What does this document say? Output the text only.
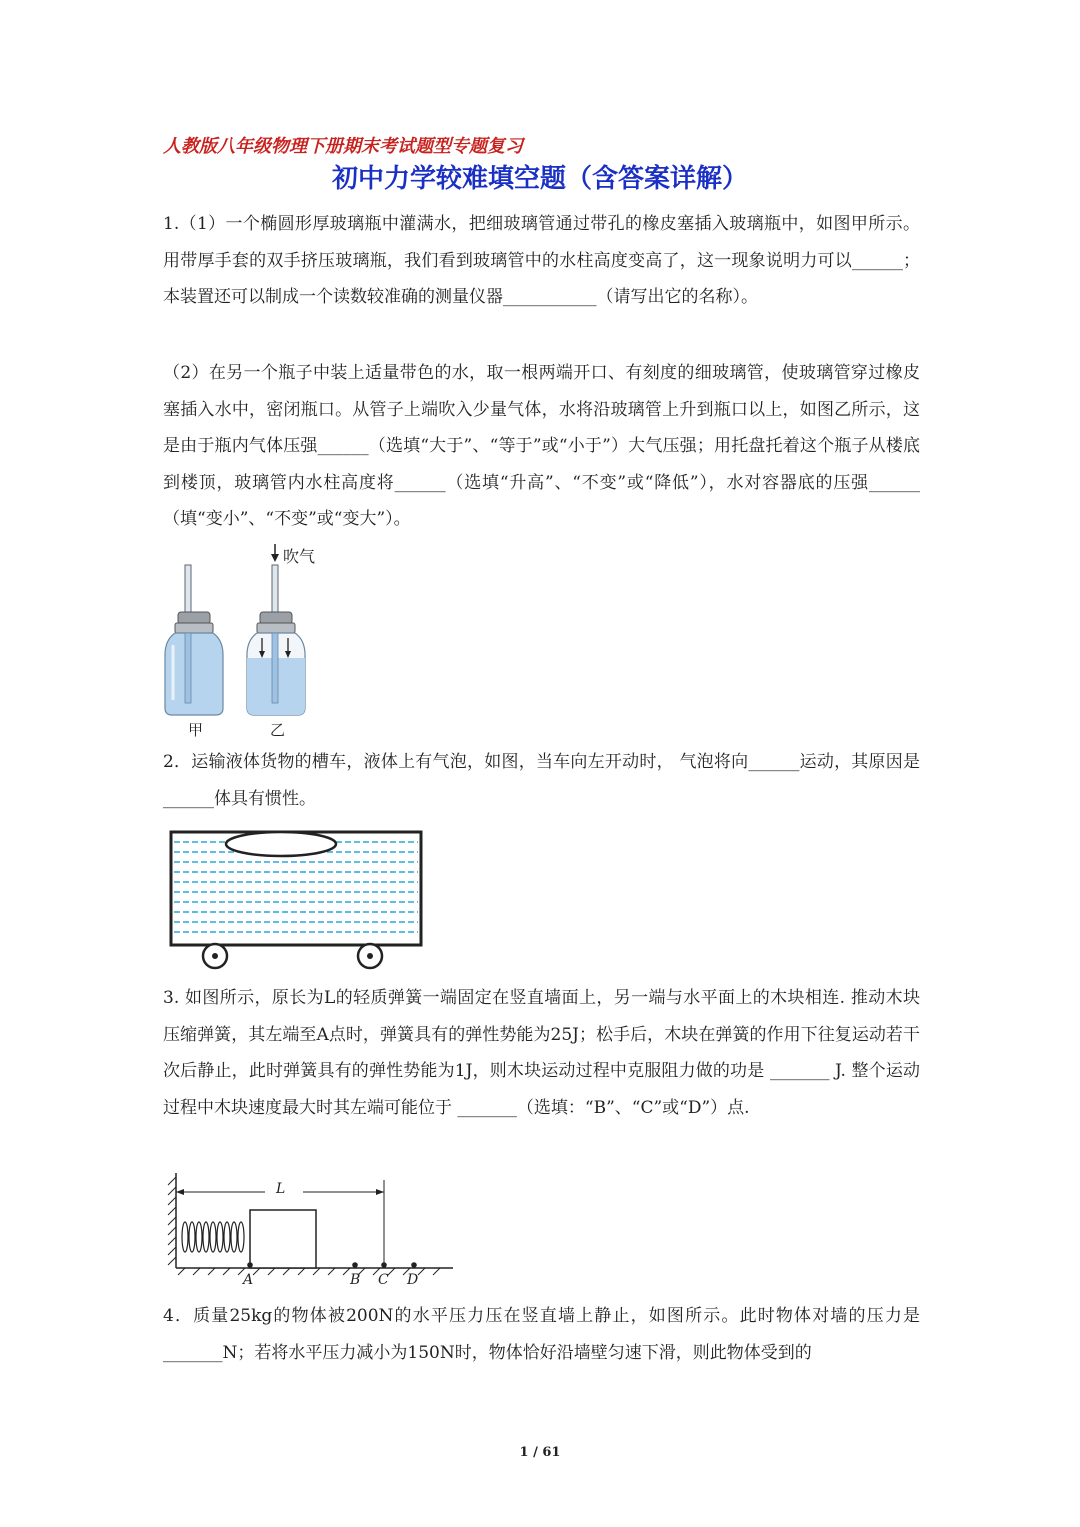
人教版八年级物理下册期末考试题型专题复习
初中力学较难填空题（含答案详解）
1.（1）一个椭圆形厚玻璃瓶中灌满水，把细玻璃管通过带孔的橡皮塞插入玻璃瓶中，如图甲所示。用带厚手套的双手挤压玻璃瓶，我们看到玻璃管中的水柱高度变高了，这一现象说明力可以______；本装置还可以制成一个读数较准确的测量仪器___________（请写出它的名称）。
（2）在另一个瓶子中装上适量带色的水，取一根两端开口、有刻度的细玻璃管，使玻璃管穿过橡皮塞插入水中，密闭瓶口。从管子上端吹入少量气体，水将沿玻璃管上升到瓶口以上，如图乙所示，这是由于瓶内气体压强______（选填“大于”、“等于”或“小于”）大气压强；用托盘托着这个瓶子从楼底到楼顶，玻璃管内水柱高度将______（选填“升高”、“不变”或“降低”），水对容器底的压强______（填“变小”、“不变”或“变大”）。
吹气
甲	乙
2．运输液体货物的槽车，液体上有气泡，如图，当车向左开动时， 气泡将向______运动，其原因是______体具有惯性。
3. 如图所示，原长为L的轻质弹簧一端固定在竖直墙面上，另一端与水平面上的木块相连. 推动木块压缩弹簧，其左端至A点时，弹簧具有的弹性势能为25J；松手后，木块在弹簧的作用下往复运动若干次后静止，此时弹簧具有的弹性势能为1J，则木块运动过程中克服阻力做的功是 _______ J. 整个运动过程中木块速度最大时其左端可能位于 _______（选填：“B”、“C”或“D”）点.
L
A	B C D
4．质量25kg的物体被200N的水平压力压在竖直墙上静止，如图所示。此时物体对墙的压力是_______N；若将水平压力减小为150N时，物体恰好沿墙壁匀速下滑，则此物体受到的
1 / 61
